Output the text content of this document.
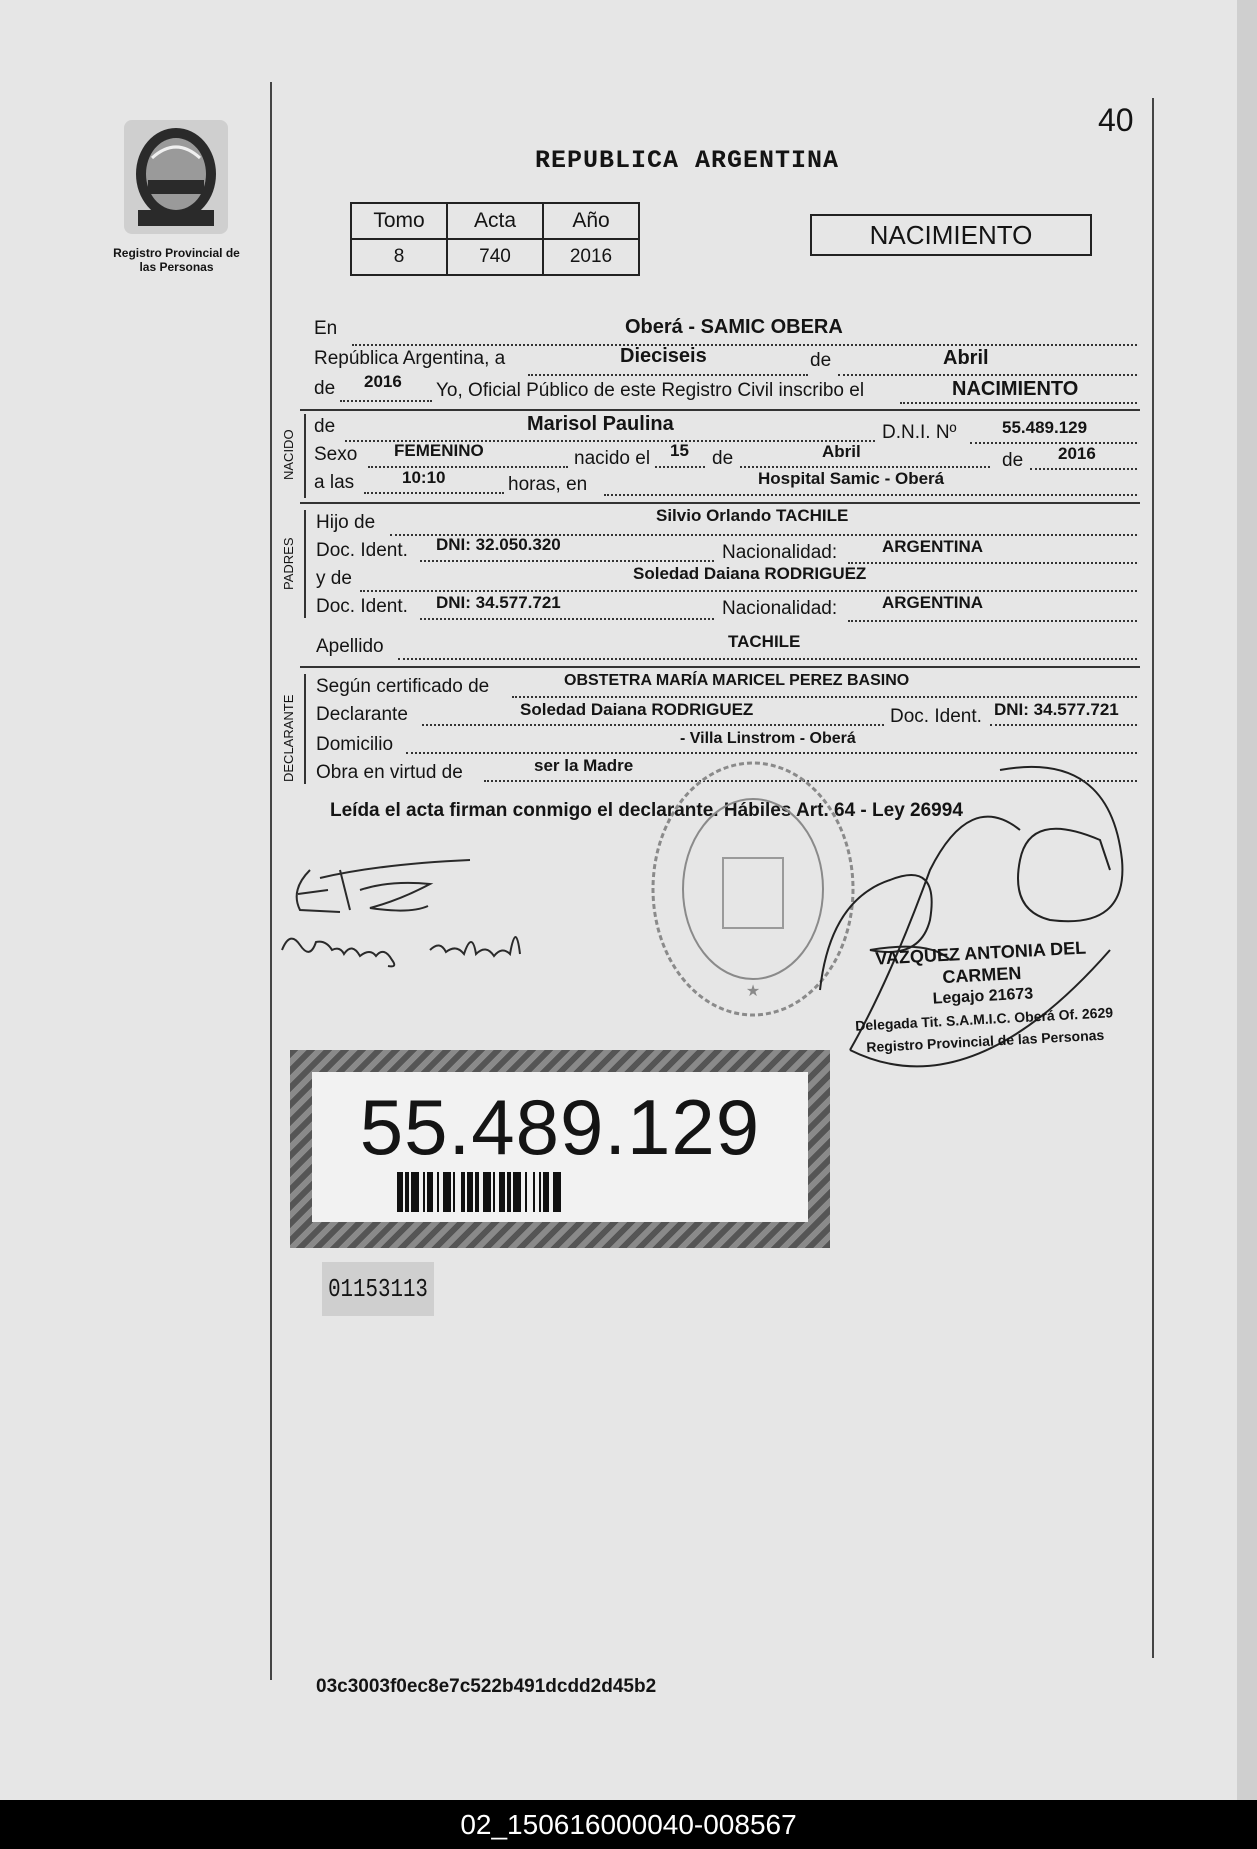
Registro Provincial de las Personas
40
REPUBLICA ARGENTINA
Tomo	Acta	Año
8	740	2016
NACIMIENTO
En	Oberá - SAMIC OBERA
República Argentina, a	Dieciseis	de	Abril
de 2016 Yo, Oficial Público de este Registro Civil inscribo el	NACIMIENTO
NACIDO
de	Marisol Paulina	D.N.I. Nº	55.489.129
Sexo FEMENINO	nacido el 15 de	Abril	de 2016
a las	10:10	horas, en	Hospital Samic - Oberá
PADRES
Hijo de	Silvio Orlando TACHILE
Doc. Ident. DNI: 32.050.320	Nacionalidad:	ARGENTINA
y de	Soledad Daiana RODRIGUEZ
Doc. Ident. DNI: 34.577.721	Nacionalidad:	ARGENTINA
Apellido	TACHILE
DECLARANTE
Según certificado de	OBSTETRA MARÍA MARICEL PEREZ BASINO
Declarante	Soledad Daiana RODRIGUEZ	Doc. Ident. DNI: 34.577.721
Domicilio	- Villa Linstrom - Oberá
Obra en virtud de	ser la Madre
Leída el acta firman conmigo el declarante. Hábiles Art. 64 - Ley 26994
★
VAZQUEZ ANTONIA DEL CARMEN
Legajo 21673
Delegada Tit. S.A.M.I.C. Oberá Of. 2629
Registro Provincial de las Personas
55.489.129
01153113
03c3003f0ec8e7c522b491dcdd2d45b2
02_150616000040-008567
